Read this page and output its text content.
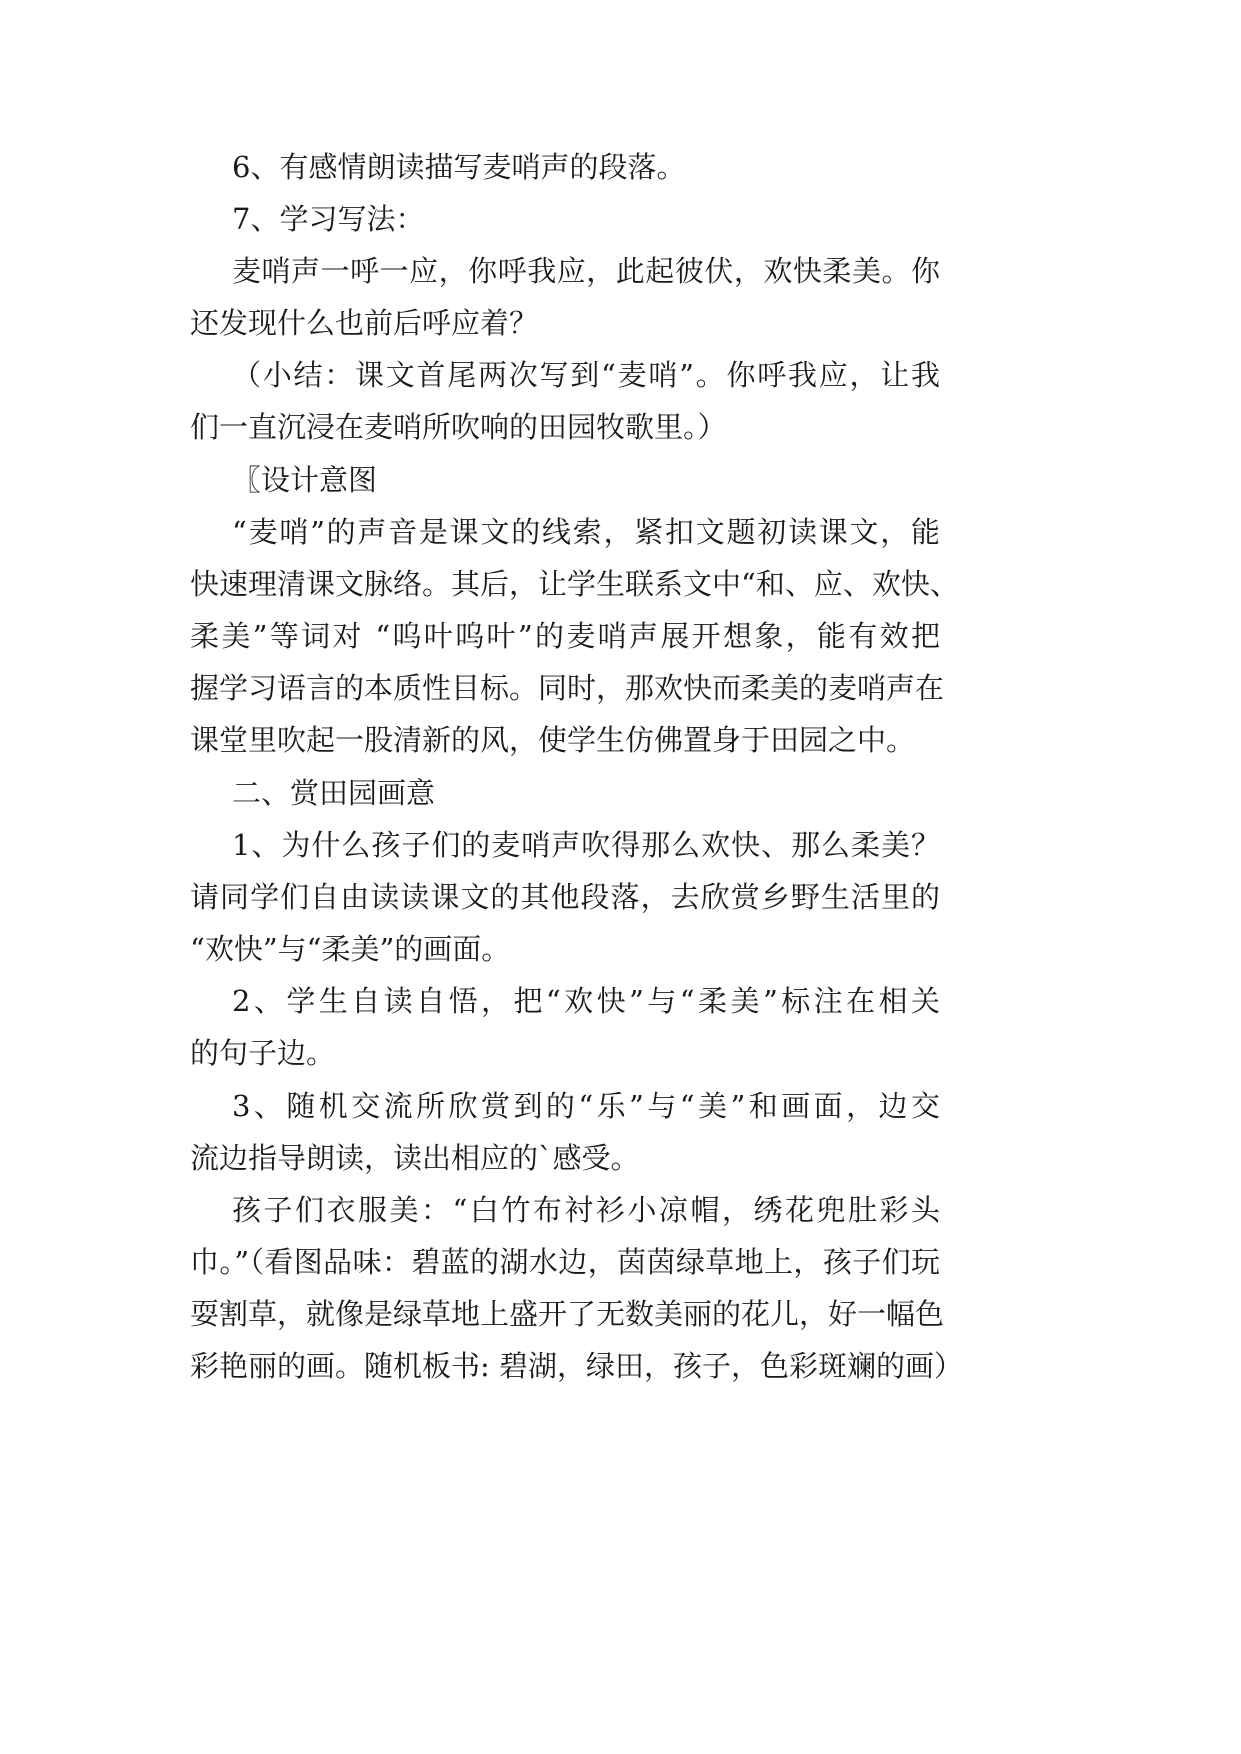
6、有感情朗读描写麦哨声的段落。

7、学习写法：

麦哨声一呼一应，你呼我应，此起彼伏，欢快柔美。你

还发现什么也前后呼应着？

（小结：课文首尾两次写到“麦哨”。你呼我应，让我

们一直沉浸在麦哨所吹响的田园牧歌里。）

〖设计意图

“麦哨”的声音是课文的线索，紧扣文题初读课文，能

快速理清课文脉络。其后，让学生联系文中“和、应、欢快、

柔美”等词对 “呜叶呜叶”的麦哨声展开想象，能有效把

握学习语言的本质性目标。同时，那欢快而柔美的麦哨声在

课堂里吹起一股清新的风，使学生仿佛置身于田园之中。

二、赏田园画意

1、为什么孩子们的麦哨声吹得那么欢快、那么柔美？

请同学们自由读读课文的其他段落，去欣赏乡野生活里的

“欢快”与“柔美”的画面。

2、学生自读自悟，把“欢快”与“柔美”标注在相关

的句子边。

3、随机交流所欣赏到的“乐”与“美”和画面，边交

流边指导朗读，读出相应的`感受。

孩子们衣服美：“白竹布衬衫小凉帽，绣花兜肚彩头

巾。”（看图品味：碧蓝的湖水边，茵茵绿草地上，孩子们玩

耍割草，就像是绿草地上盛开了无数美丽的花儿，好一幅色

彩艳丽的画。随机板书: 碧湖，绿田，孩子，色彩斑斓的画）
